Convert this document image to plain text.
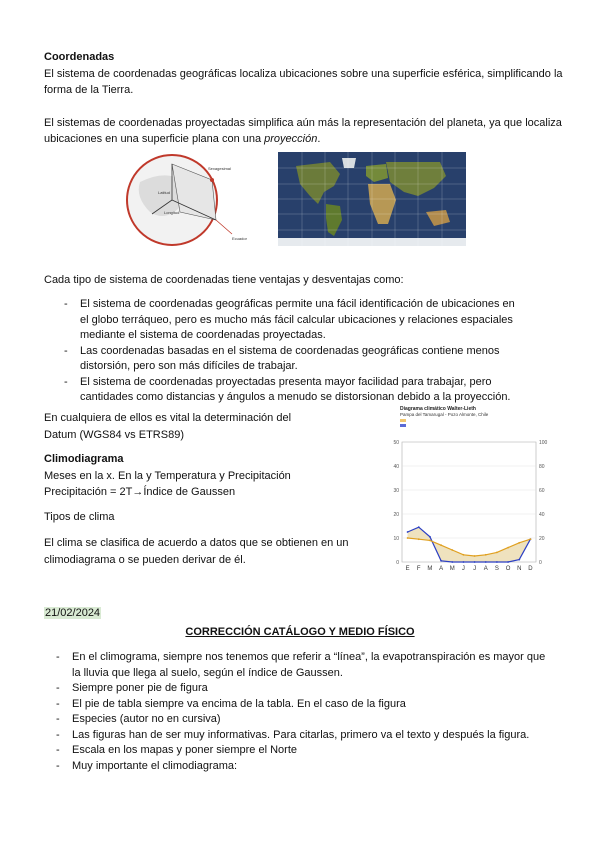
Coordenadas
El sistema de coordenadas geográficas localiza ubicaciones sobre una superficie esférica, simplificando la forma de la Tierra.
El sistemas de coordenadas proyectadas simplifica aún más la representación del planeta, ya que localiza ubicaciones en una superficie plana con una proyección.
Sexagesimal
Latitud
Longitud
Ecuador
Cada tipo de sistema de coordenadas tiene ventajas y desventajas como:
- El sistema de coordenadas geográficas permite una fácil identificación de ubicaciones en el globo terráqueo, pero es mucho más fácil calcular ubicaciones y relaciones espaciales mediante el sistema de coordenadas proyectadas.
- Las coordenadas basadas en el sistema de coordenadas geográficas contiene menos distorsión, pero son más difíciles de trabajar.
- El sistema de coordenadas proyectadas presenta mayor facilidad para trabajar, pero cantidades como distancias y ángulos a menudo se distorsionan debido a la proyección.
En cualquiera de ellos es vital la determinación del Datum (WGS84 vs ETRS89)
Climodiagrama
Meses en la x. En la y Temperatura y Precipitación
Precipitación = 2T→Índice de Gaussen
Tipos de clima
El clima se clasifica de acuerdo a datos que se obtienen en un climodiagrama o se pueden derivar de él.
Diagrama climático Walter-Lieth
Pampa del Tamarugal - Pozo Almonte, Chile
50
40
30
20
10
0
100
80
60
40
20
0
E F M A M J J A S O N D
21/02/2024
CORRECCIÓN CATÁLOGO Y MEDIO FÍSICO
- En el climograma, siempre nos tenemos que referir a “línea”, la evapotranspiración es mayor que la lluvia que llega al suelo, según el índice de Gaussen.
- Siempre poner pie de figura
- El pie de tabla siempre va encima de la tabla. En el caso de la figura
- Especies (autor no en cursiva)
- Las figuras han de ser muy informativas. Para citarlas, primero va el texto y después la figura.
- Escala en los mapas y poner siempre el Norte
- Muy importante el climodiagrama:
